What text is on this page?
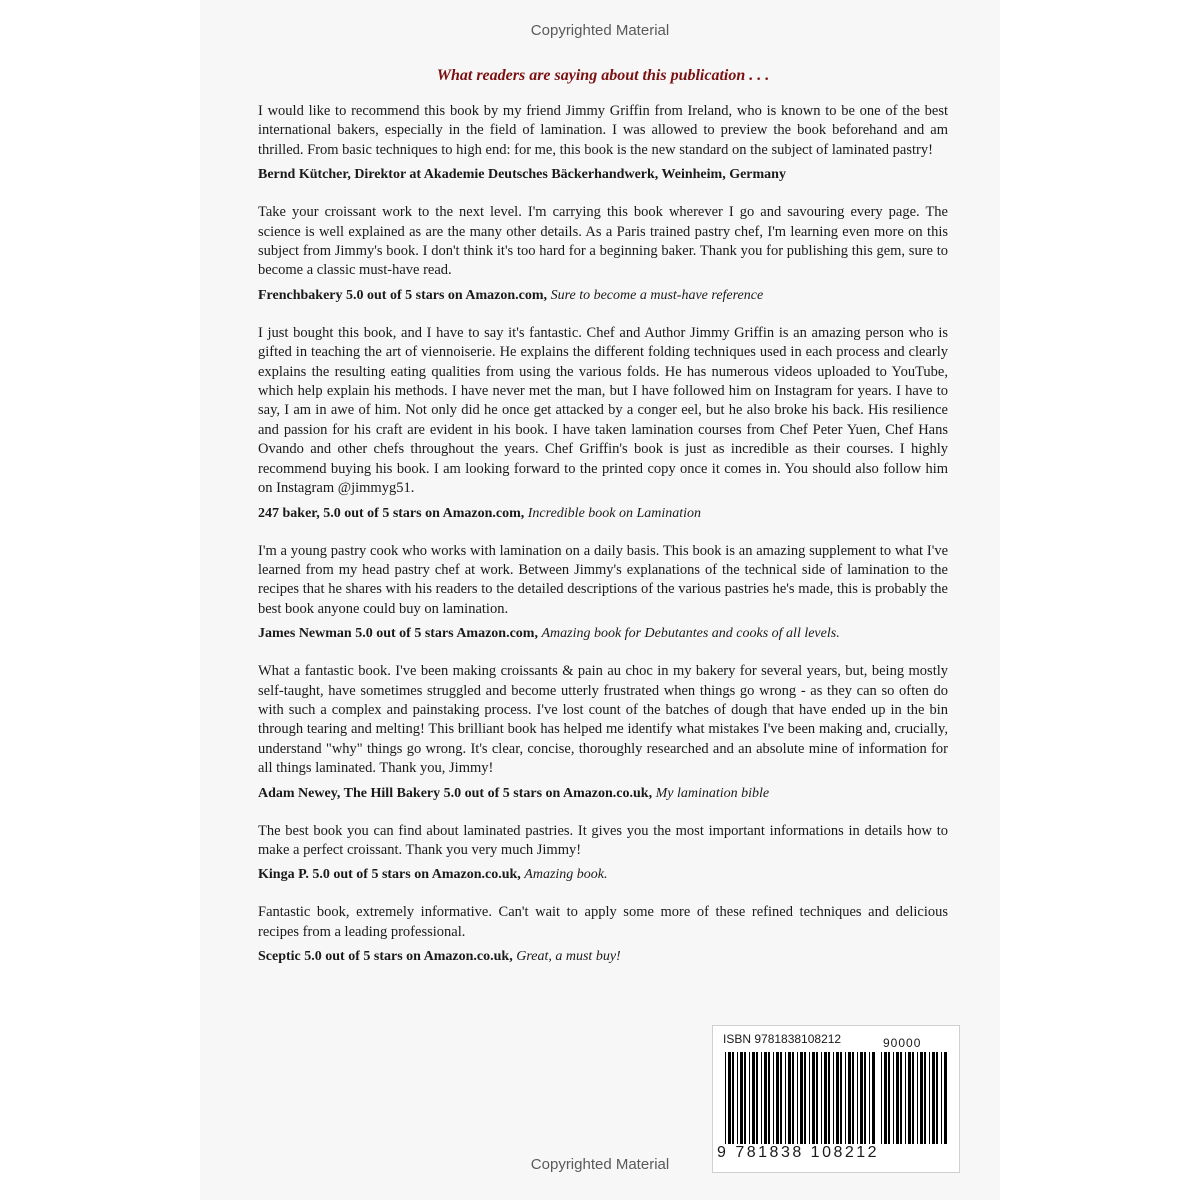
Copyrighted Material
What readers are saying about this publication . . .

I would like to recommend this book by my friend Jimmy Griffin from Ireland, who is known to be one of the best international bakers, especially in the field of lamination. I was allowed to preview the book beforehand and am thrilled. From basic techniques to high end: for me, this book is the new standard on the subject of laminated pastry!

Bernd Kütcher, Direktor at Akademie Deutsches Bäckerhandwerk, Weinheim, Germany

Take your croissant work to the next level. I'm carrying this book wherever I go and savouring every page. The science is well explained as are the many other details. As a Paris trained pastry chef, I'm learning even more on this subject from Jimmy's book. I don't think it's too hard for a beginning baker. Thank you for publishing this gem, sure to become a classic must-have read.

Frenchbakery 5.0 out of 5 stars on Amazon.com, Sure to become a must-have reference

I just bought this book, and I have to say it's fantastic. Chef and Author Jimmy Griffin is an amazing person who is gifted in teaching the art of viennoiserie. He explains the different folding techniques used in each process and clearly explains the resulting eating qualities from using the various folds. He has numerous videos uploaded to YouTube, which help explain his methods. I have never met the man, but I have followed him on Instagram for years. I have to say, I am in awe of him. Not only did he once get attacked by a conger eel, but he also broke his back. His resilience and passion for his craft are evident in his book. I have taken lamination courses from Chef Peter Yuen, Chef Hans Ovando and other chefs throughout the years. Chef Griffin's book is just as incredible as their courses. I highly recommend buying his book. I am looking forward to the printed copy once it comes in. You should also follow him on Instagram @jimmyg51.

247 baker, 5.0 out of 5 stars on Amazon.com, Incredible book on Lamination

I'm a young pastry cook who works with lamination on a daily basis. This book is an amazing supplement to what I've learned from my head pastry chef at work. Between Jimmy's explanations of the technical side of lamination to the recipes that he shares with his readers to the detailed descriptions of the various pastries he's made, this is probably the best book anyone could buy on lamination.

James Newman 5.0 out of 5 stars Amazon.com, Amazing book for Debutantes and cooks of all levels.

What a fantastic book. I've been making croissants & pain au choc in my bakery for several years, but, being mostly self-taught, have sometimes struggled and become utterly frustrated when things go wrong - as they can so often do with such a complex and painstaking process. I've lost count of the batches of dough that have ended up in the bin through tearing and melting! This brilliant book has helped me identify what mistakes I've been making and, crucially, understand "why" things go wrong. It's clear, concise, thoroughly researched and an absolute mine of information for all things laminated. Thank you, Jimmy!

Adam Newey, The Hill Bakery 5.0 out of 5 stars on Amazon.co.uk, My lamination bible

The best book you can find about laminated pastries. It gives you the most important informations in details how to make a perfect croissant. Thank you very much Jimmy!

Kinga P. 5.0 out of 5 stars on Amazon.co.uk, Amazing book.

Fantastic book, extremely informative. Can't wait to apply some more of these refined techniques and delicious recipes from a leading professional.

Sceptic 5.0 out of 5 stars on Amazon.co.uk, Great, a must buy!

ISBN 9781838108212	90000
9 781838 108212
Copyrighted Material
